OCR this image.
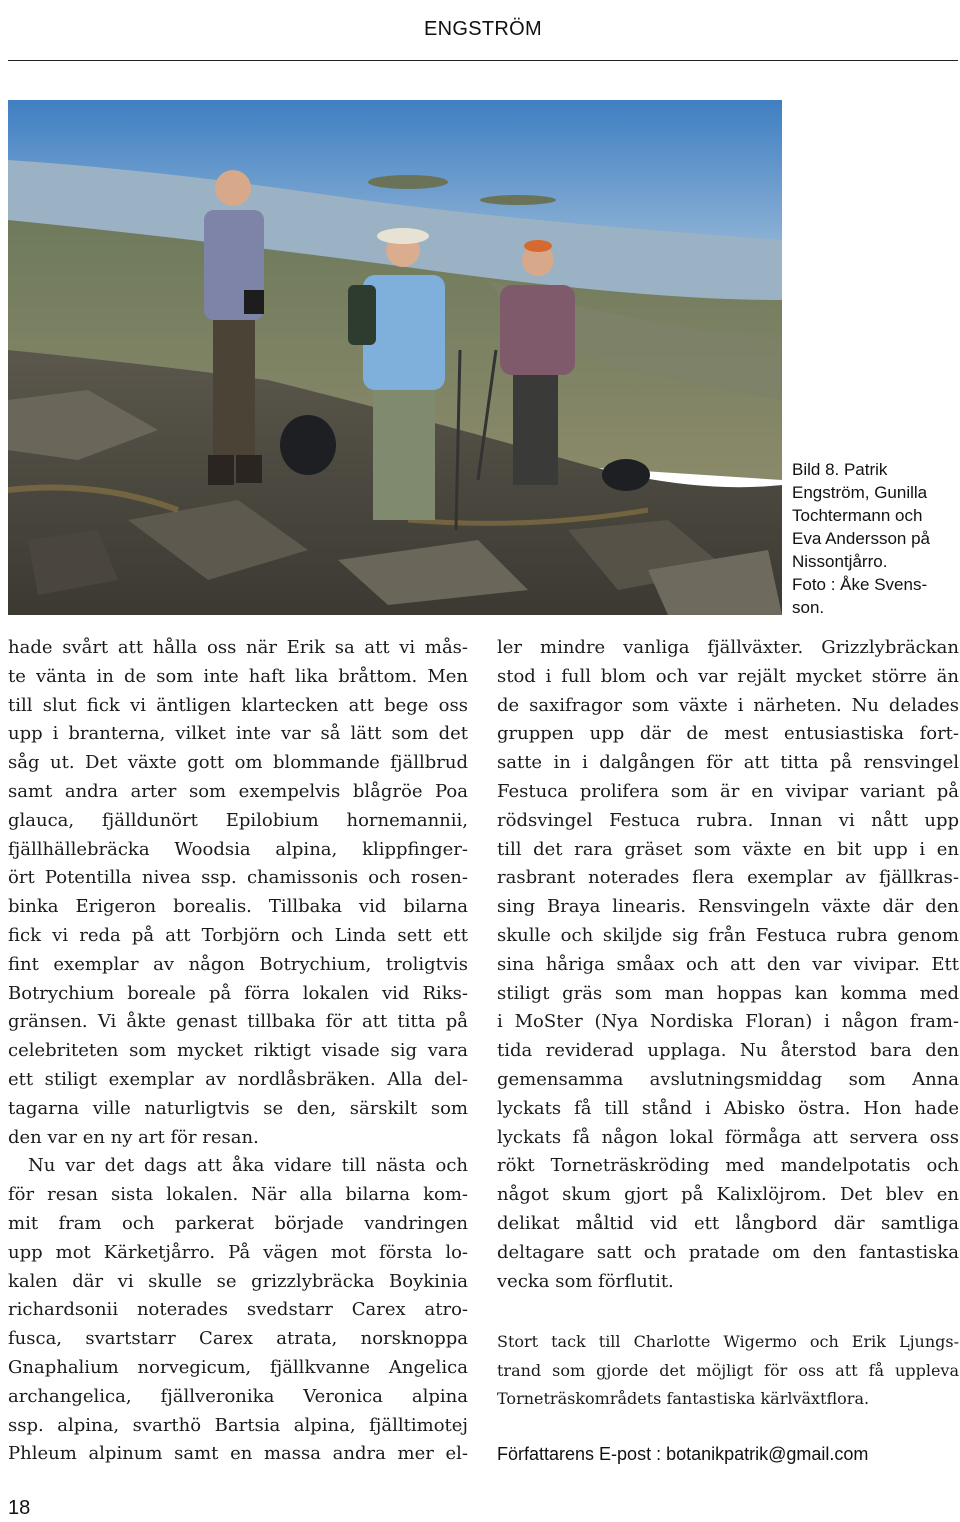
ENGSTRÖM
Bild 8. Patrik
Engström, Gunilla
Tochtermann och
Eva Andersson på
Nissontjårro.
Foto : Åke Svens-
son.
hade svårt att hålla oss när Erik sa att vi mås-
te vänta in de som inte haft lika bråttom. Men
till slut fick vi äntligen klartecken att bege oss
upp i branterna, vilket inte var så lätt som det
såg ut. Det växte gott om blommande fjällbrud
samt andra arter som exempelvis blågröe Poa
glauca, fjälldunört Epilobium hornemannii,
fjällhällebräcka Woodsia alpina, klippfinger-
ört Potentilla nivea ssp. chamissonis och rosen-
binka Erigeron borealis. Tillbaka vid bilarna
fick vi reda på att Torbjörn och Linda sett ett
fint exemplar av någon Botrychium, troligtvis
Botrychium boreale på förra lokalen vid Riks-
gränsen. Vi åkte genast tillbaka för att titta på
celebriteten som mycket riktigt visade sig vara
ett stiligt exemplar av nordlåsbräken. Alla del-
tagarna ville naturligtvis se den, särskilt som
den var en ny art för resan.
Nu var det dags att åka vidare till nästa och
för resan sista lokalen. När alla bilarna kom-
mit fram och parkerat började vandringen
upp mot Kärketjårro. På vägen mot första lo-
kalen där vi skulle se grizzlybräcka Boykinia
richardsonii noterades svedstarr Carex atro-
fusca, svartstarr Carex atrata, norsknoppa
Gnaphalium norvegicum, fjällkvanne Angelica
archangelica, fjällveronika Veronica alpina
ssp. alpina, svarthö Bartsia alpina, fjälltimotej
Phleum alpinum samt en massa andra mer el-
ler mindre vanliga fjällväxter. Grizzlybräckan
stod i full blom och var rejält mycket större än
de saxifragor som växte i närheten. Nu delades
gruppen upp där de mest entusiastiska fort-
satte in i dalgången för att titta på rensvingel
Festuca prolifera som är en vivipar variant på
rödsvingel Festuca rubra. Innan vi nått upp
till det rara gräset som växte en bit upp i en
rasbrant noterades flera exemplar av fjällkras-
sing Braya linearis. Rensvingeln växte där den
skulle och skiljde sig från Festuca rubra genom
sina håriga småax och att den var vivipar. Ett
stiligt gräs som man hoppas kan komma med
i MoSter (Nya Nordiska Floran) i någon fram-
tida reviderad upplaga. Nu återstod bara den
gemensamma avslutningsmiddag som Anna
lyckats få till stånd i Abisko östra. Hon hade
lyckats få någon lokal förmåga att servera oss
rökt Torneträskröding med mandelpotatis och
något skum gjort på Kalixlöjrom. Det blev en
delikat måltid vid ett långbord där samtliga
deltagare satt och pratade om den fantastiska
vecka som förflutit.
Stort tack till Charlotte Wigermo och Erik Ljungs-
trand som gjorde det möjligt för oss att få uppleva
Torneträskområdets fantastiska kärlväxtflora.
Författarens E-post : botanikpatrik@gmail.com
18
